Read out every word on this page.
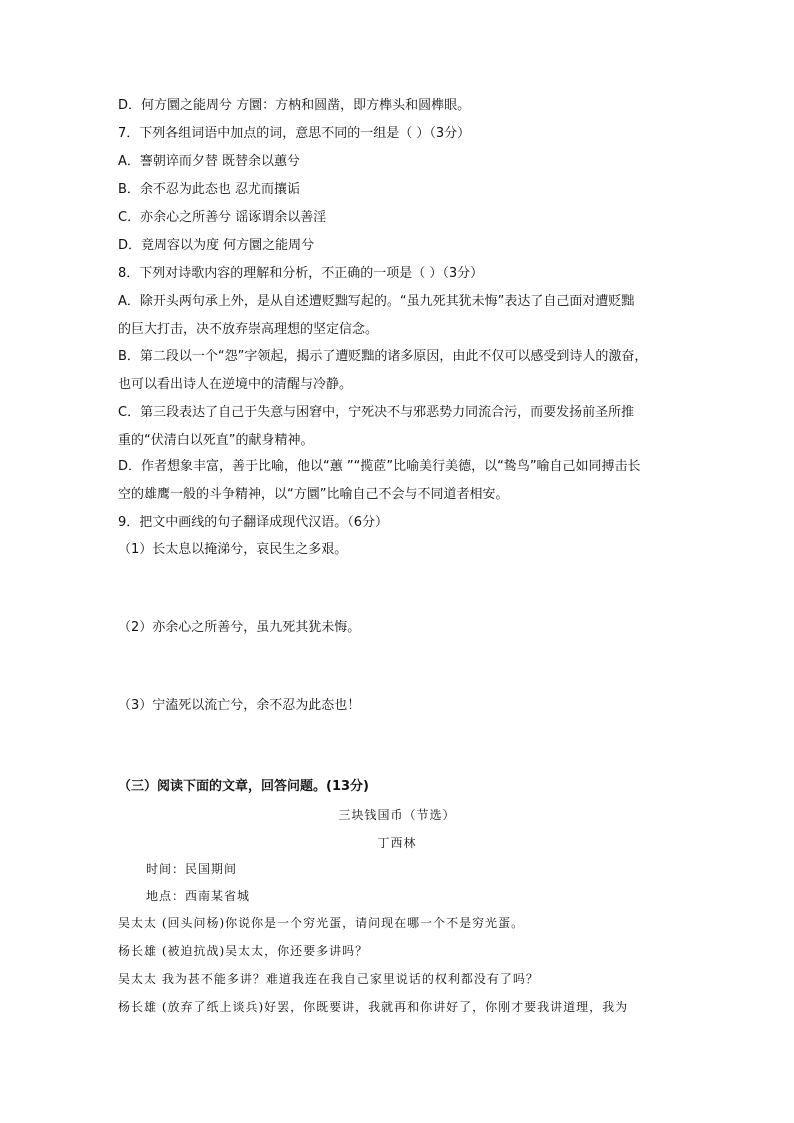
D．何方圜之能周兮 方圜：方枘和圆凿，即方榫头和圆榫眼。
7．下列各组词语中加点的词，意思不同的一组是（ ）（3分）
A．謇朝谇而夕替 既替余以蕙兮
B．余不忍为此态也 忍尤而攘诟
C．亦余心之所善兮 谣诼谓余以善淫
D．竟周容以为度 何方圜之能周兮
8．下列对诗歌内容的理解和分析，不正确的一项是（ ）（3分）
A．除开头两句承上外，是从自述遭贬黜写起的。“虽九死其犹未悔”表达了自己面对遭贬黜
的巨大打击，决不放弃崇高理想的坚定信念。
B．第二段以一个“怨”字领起，揭示了遭贬黜的诸多原因，由此不仅可以感受到诗人的激奋，
也可以看出诗人在逆境中的清醒与冷静。
C．第三段表达了自己于失意与困窘中，宁死决不与邪恶势力同流合污，而要发扬前圣所推
重的“伏清白以死直”的献身精神。
D．作者想象丰富，善于比喻，他以“蕙 ”“揽茝”比喻美行美德，以“鸷鸟”喻自己如同搏击长
空的雄鹰一般的斗争精神，以“方圜”比喻自己不会与不同道者相安。
9．把文中画线的句子翻译成现代汉语。（6分）
（1）长太息以掩涕兮，哀民生之多艰。
（2）亦余心之所善兮，虽九死其犹未悔。
（3）宁溘死以流亡兮，余不忍为此态也！
（三）阅读下面的文章，回答问题。(13分)
三块钱国币（节选）
丁西林
时间：民国期间
地点：西南某省城
吴太太 (回头问杨)你说你是一个穷光蛋，请问现在哪一个不是穷光蛋。
杨长雄 (被迫抗战)吴太太，你还要多讲吗？
吴太太 我为甚不能多讲？难道我连在我自己家里说话的权利都没有了吗？
杨长雄 (放弃了纸上谈兵)好罢，你既要讲，我就再和你讲好了，你刚才要我讲道理，我为
